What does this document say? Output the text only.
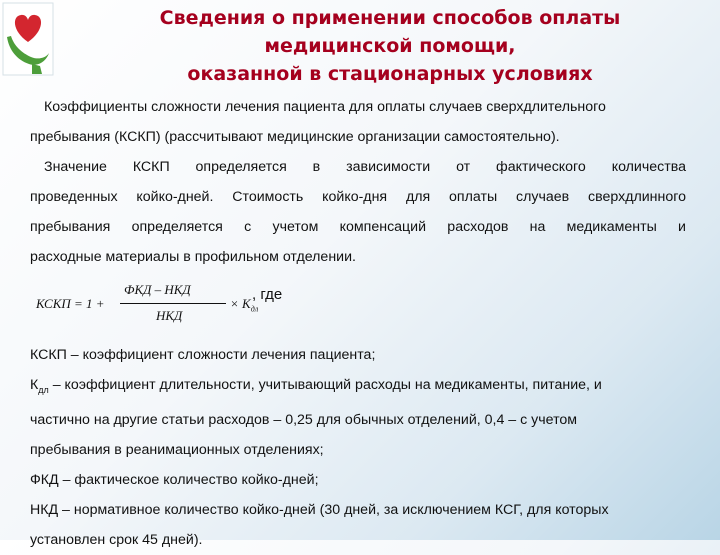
Сведения о применении способов оплаты
медицинской помощи,
оказанной в стационарных условиях

Коэффициенты сложности лечения пациента для оплаты случаев сверхдлительного

пребывания (КСКП) (рассчитывают медицинские организации самостоятельно).

Значение КСКП определяется в зависимости от фактического количества

проведенных койко-дней. Стоимость койко-дня для оплаты случаев сверхдлинного

пребывания определяется с учетом компенсаций расходов на медикаменты и

расходные материалы в профильном отделении.

КСКП = 1 +
ФКД – НКД
НКД
× $K_{дл}$
, где

КСКП – коэффициент сложности лечения пациента;

$К_{дл}$ – коэффициент длительности, учитывающий расходы на медикаменты, питание, и

частично на другие статьи расходов – 0,25 для обычных отделений, 0,4 – с учетом

пребывания в реанимационных отделениях;

ФКД – фактическое количество койко-дней;

НКД – нормативное количество койко-дней (30 дней, за исключением КСГ, для которых

установлен срок 45 дней).
